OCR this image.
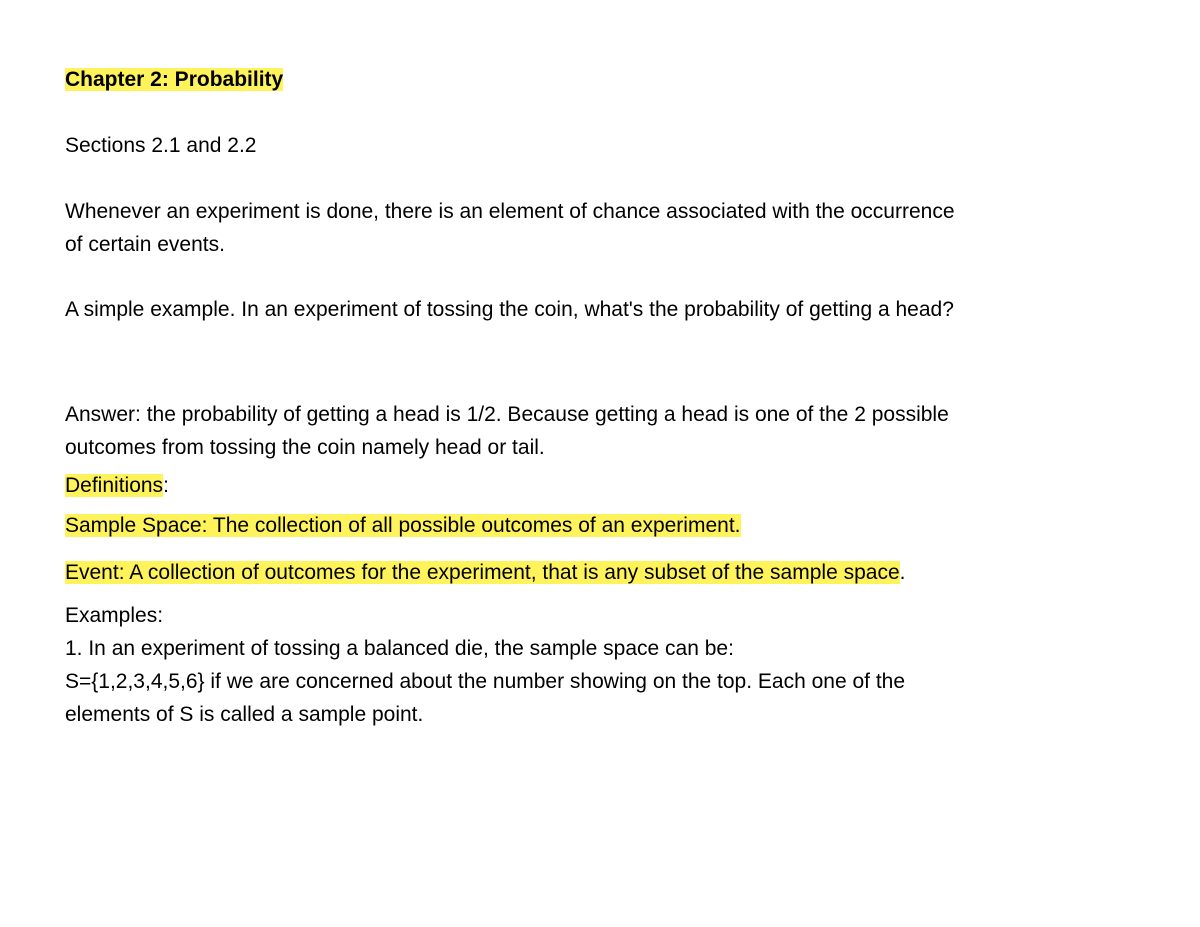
Chapter 2: Probability
Sections 2.1 and 2.2
Whenever an experiment is done, there is an element of chance associated with the occurrence
of certain events.
A simple example. In an experiment of tossing the coin, what's the probability of getting a head?
Answer: the probability of getting a head is 1/2. Because getting a head is one of the 2 possible
outcomes from tossing the coin namely head or tail.
Definitions:
Sample Space: The collection of all possible outcomes of an experiment.
Event: A collection of outcomes for the experiment, that is any subset of the sample space.
Examples:
1. In an experiment of tossing a balanced die, the sample space can be:
S={1,2,3,4,5,6} if we are concerned about the number showing on the top. Each one of the
elements of S is called a sample point.
